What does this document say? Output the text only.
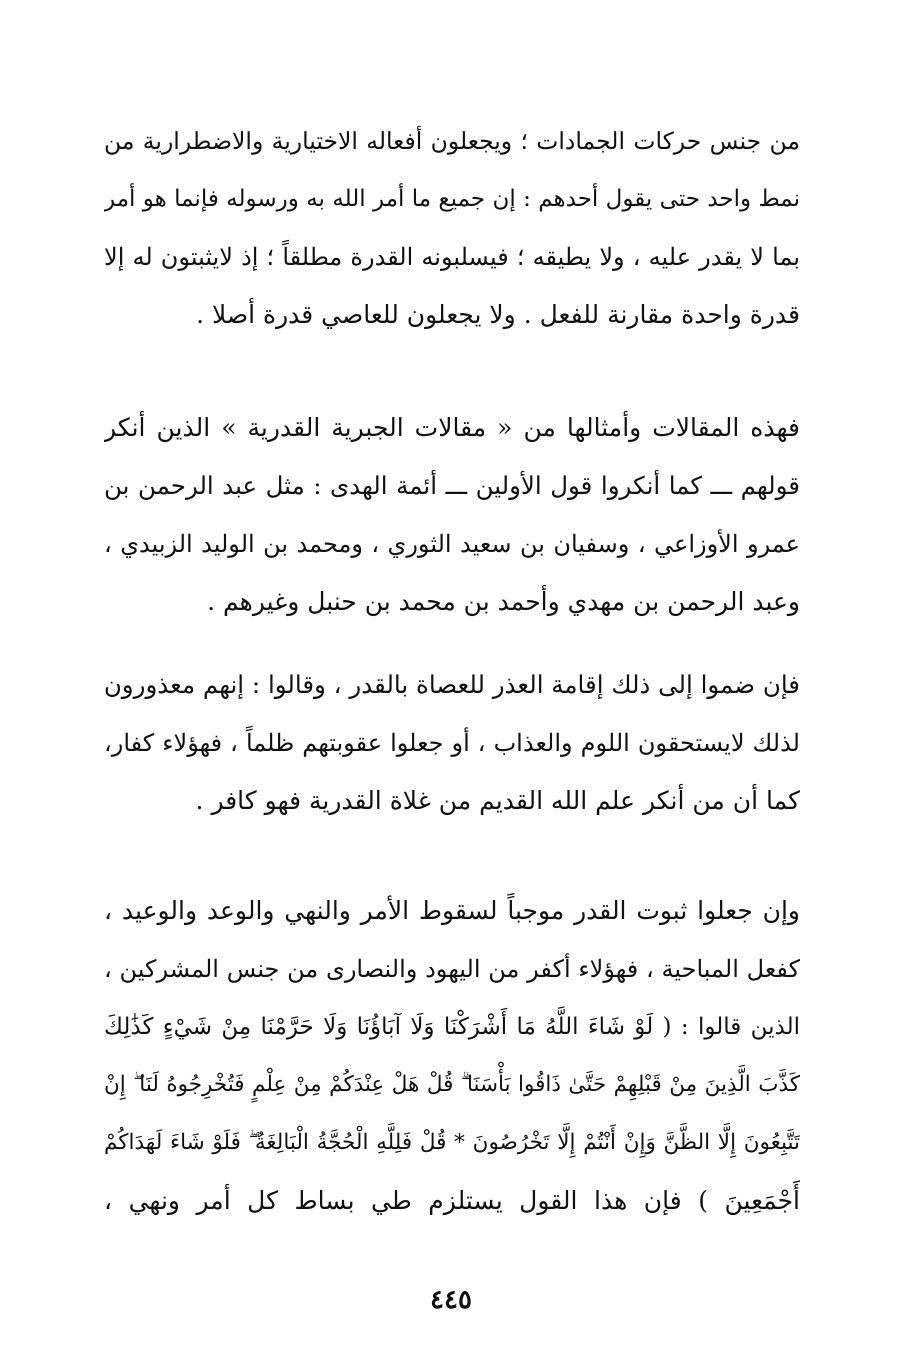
من جنس حركات الجمادات ؛ ويجعلون أفعاله الاختيارية والاضطرارية من
نمط واحد حتى يقول أحدهم : إن جميع ما أمر الله به ورسوله فإنما هو أمر
بما لا يقدر عليه ، ولا يطيقه ؛ فيسلبونه القدرة مطلقاً ؛ إذ لايثبتون له إلا
قدرة واحدة مقارنة للفعل . ولا يجعلون للعاصي قدرة أصلا .
فهذه المقالات وأمثالها من « مقالات الجبرية القدرية » الذين أنكر
قولهم ـــ كما أنكروا قول الأولين ـــ أئمة الهدى : مثل عبد الرحمن بن
عمرو الأوزاعي ، وسفيان بن سعيد الثوري ، ومحمد بن الوليد الزبيدي ،
وعبد الرحمن بن مهدي وأحمد بن محمد بن حنبل وغيرهم .
فإن ضموا إلى ذلك إقامة العذر للعصاة بالقدر ، وقالوا : إنهم معذورون
لذلك لايستحقون اللوم والعذاب ، أو جعلوا عقوبتهم ظلماً ، فهؤلاء كفار،
كما أن من أنكر علم الله القديم من غلاة القدرية فهو كافر .
وإن جعلوا ثبوت القدر موجباً لسقوط الأمر والنهي والوعد والوعيد ،
كفعل المباحية ، فهؤلاء أكفر من اليهود والنصارى من جنس المشركين ،
الذين قالوا : ( لَوْ شَاءَ اللَّهُ مَا أَشْرَكْنَا وَلَا آبَاؤُنَا وَلَا حَرَّمْنَا مِنْ شَيْءٍ كَذَٰلِكَ
كَذَّبَ الَّذِينَ مِنْ قَبْلِهِمْ حَتَّىٰ ذَاقُوا بَأْسَنَا ۗ قُلْ هَلْ عِنْدَكُمْ مِنْ عِلْمٍ فَتُخْرِجُوهُ لَنَا ۖ إِنْ
تَتَّبِعُونَ إِلَّا الظَّنَّ وَإِنْ أَنْتُمْ إِلَّا تَخْرُصُونَ * قُلْ فَلِلَّهِ الْحُجَّةُ الْبَالِغَةُ ۖ فَلَوْ شَاءَ لَهَدَاكُمْ
أَجْمَعِينَ ) فإن هذا القول يستلزم طي بساط كل أمر ونهي ،
٤٤٥
